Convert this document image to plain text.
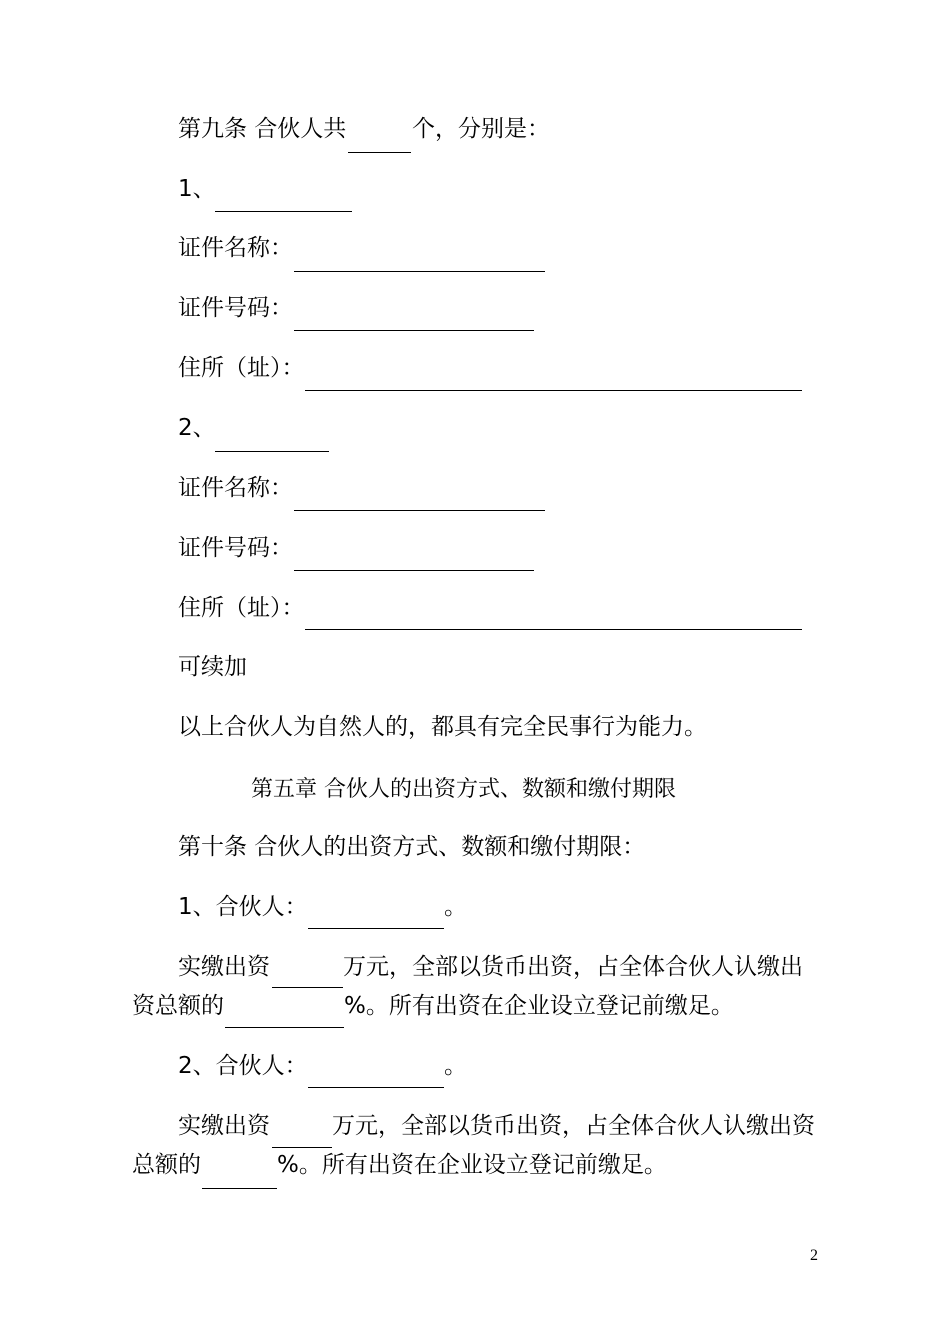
第九条 合伙人共	个，分别是：
1、
证件名称：
证件号码：
住所（址）：
2、
证件名称：
证件号码：
住所（址）：
可续加
以上合伙人为自然人的，都具有完全民事行为能力。
第五章 合伙人的出资方式、数额和缴付期限
第十条 合伙人的出资方式、数额和缴付期限：
1、合伙人：	。
实缴出资	万元，全部以货币出资，占全体合伙人认缴出
资总额的	%。所有出资在企业设立登记前缴足。
2、合伙人：	。
实缴出资	万元，全部以货币出资，占全体合伙人认缴出资
总额的	%。所有出资在企业设立登记前缴足。
2
